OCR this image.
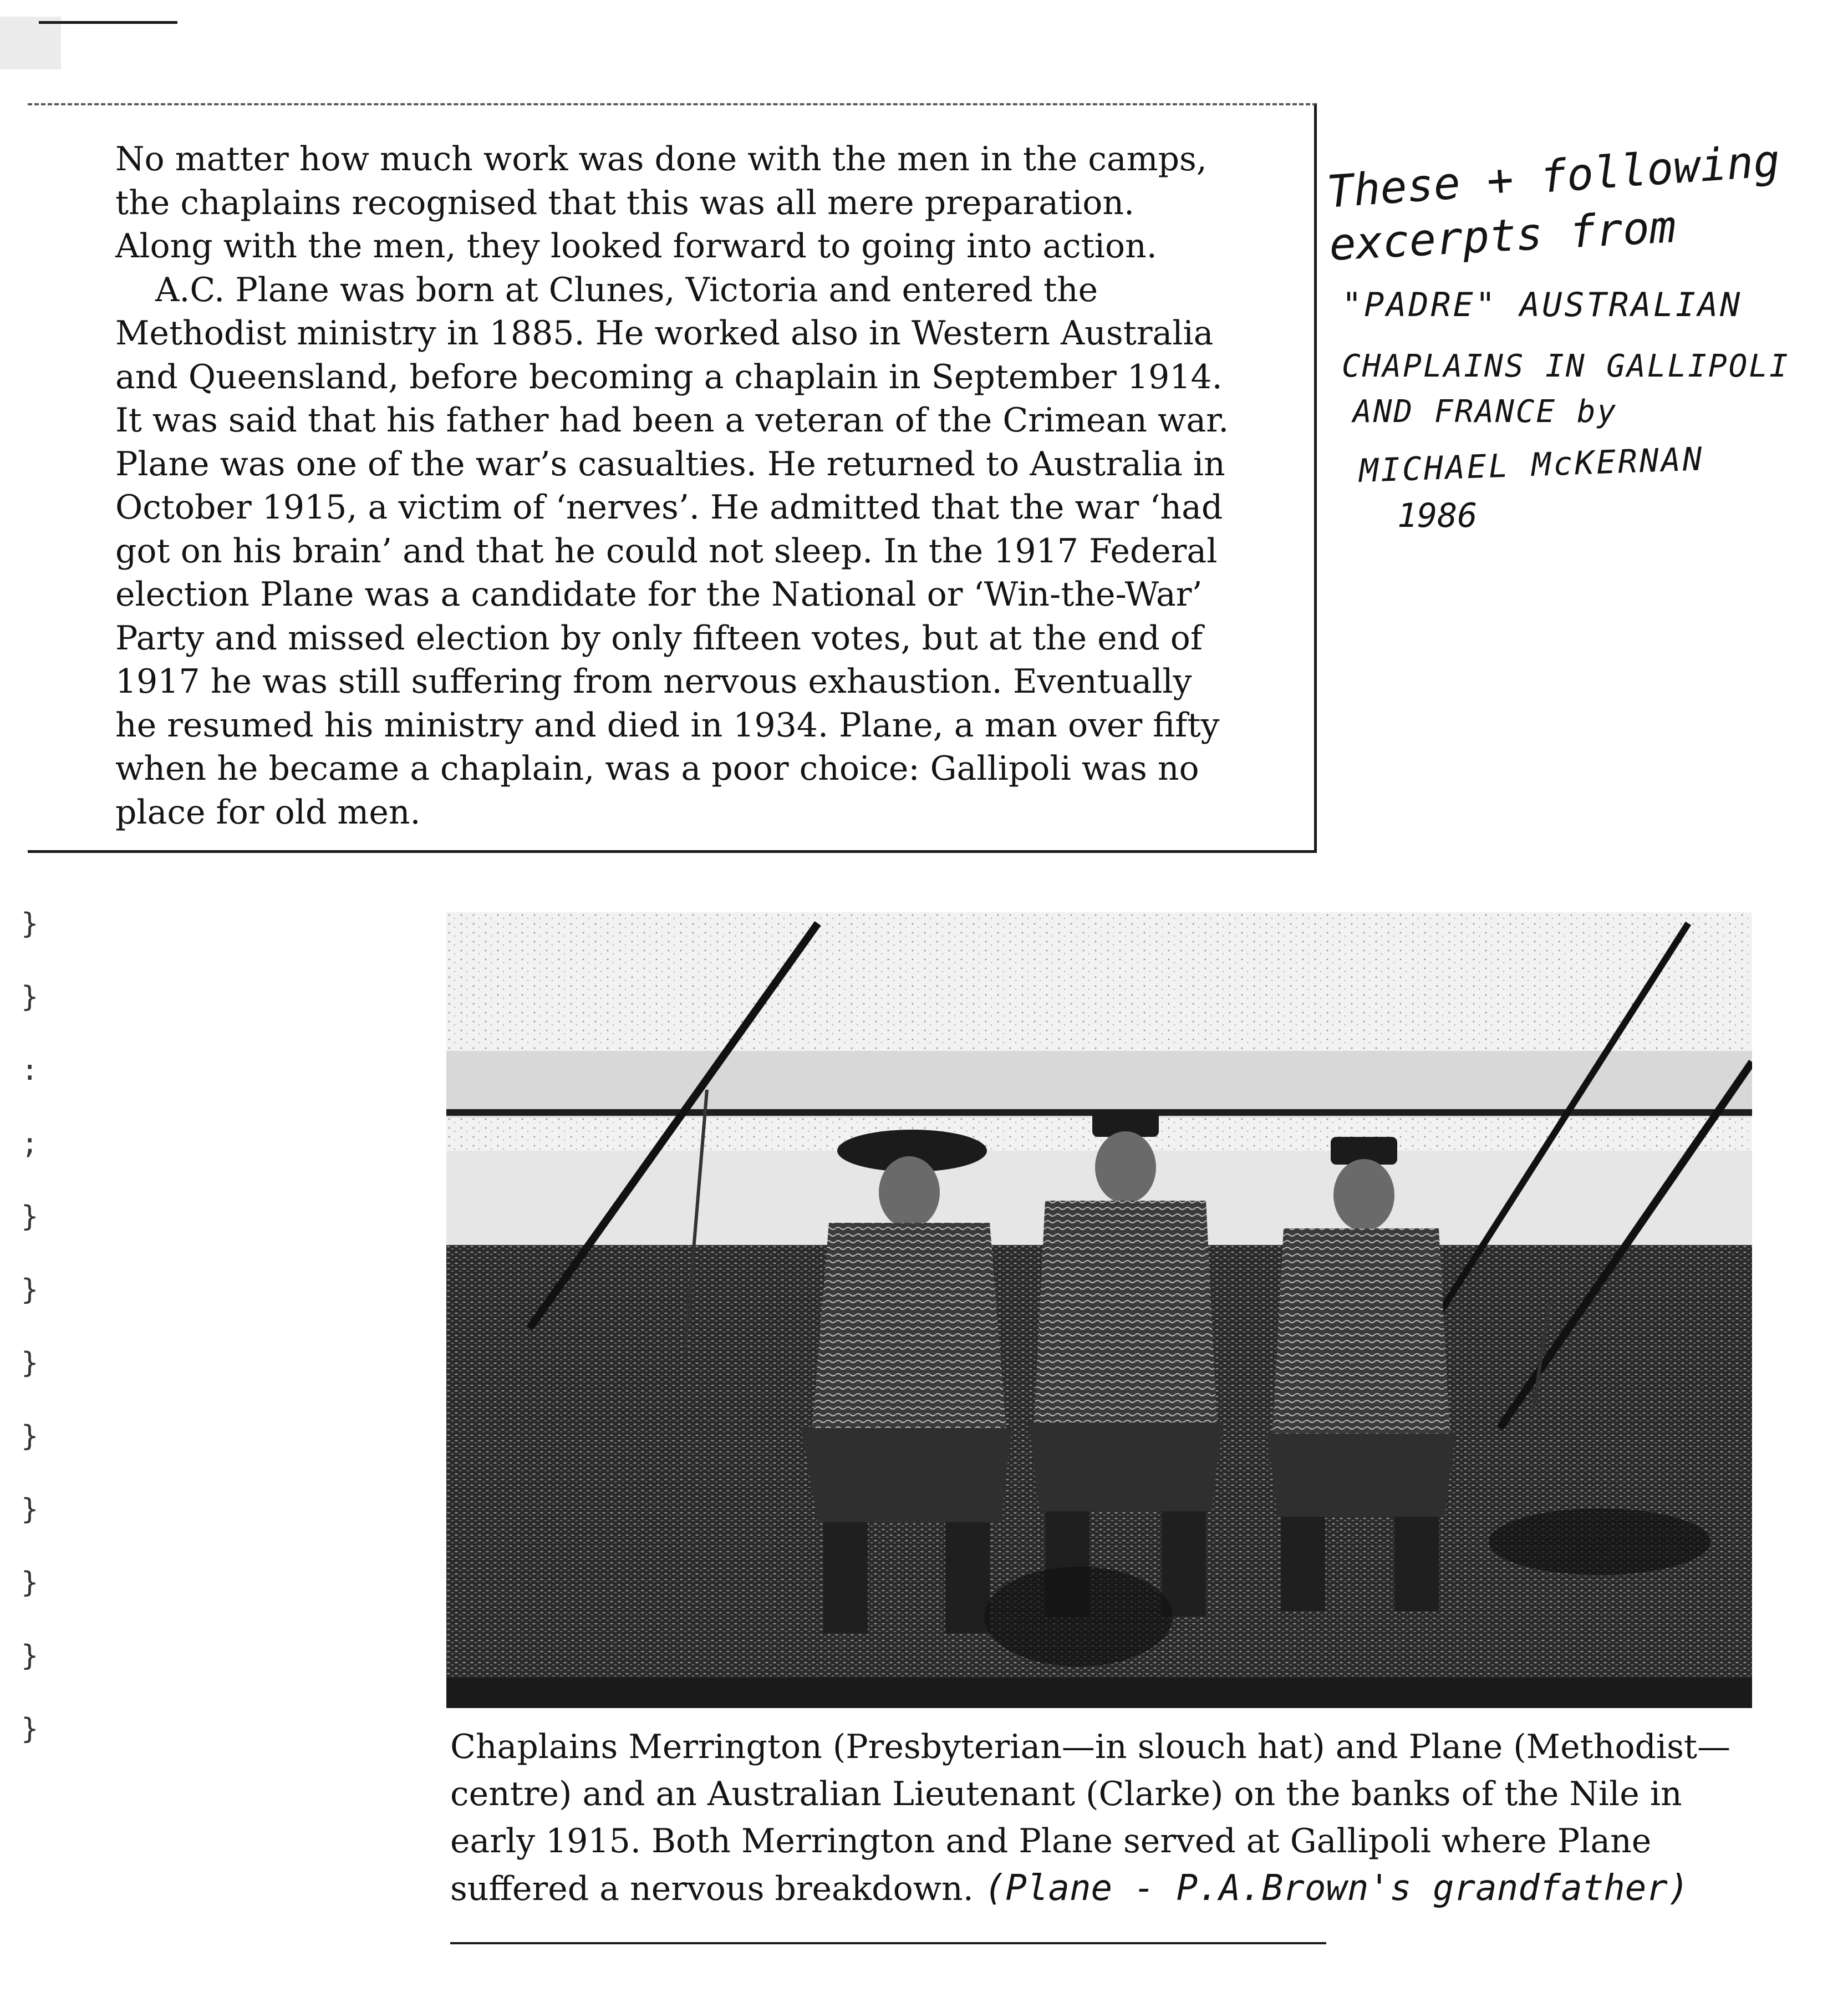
No matter how much work was done with the men in the camps, the chaplains recognised that this was all mere preparation. Along with the men, they looked forward to going into action.

A.C. Plane was born at Clunes, Victoria and entered the Methodist ministry in 1885. He worked also in Western Australia and Queensland, before becoming a chaplain in September 1914. It was said that his father had been a veteran of the Crimean war. Plane was one of the war’s casualties. He returned to Australia in October 1915, a victim of ‘nerves’. He admitted that the war ‘had got on his brain’ and that he could not sleep. In the 1917 Federal election Plane was a candidate for the National or ‘Win-the-War’ Party and missed election by only fifteen votes, but at the end of 1917 he was still suffering from nervous exhaustion. Eventually he resumed his ministry and died in 1934. Plane, a man over fifty when he became a chaplain, was a poor choice: Gallipoli was no place for old men.

These + following
excerpts from
"PADRE" AUSTRALIAN
CHAPLAINS IN GALLIPOLI
AND FRANCE by
MICHAEL McKERNAN
1986
}
}
:
;
}
}
}
}
}
}
}
}	Chaplains Merrington (Presbyterian—in slouch hat) and Plane (Methodist—centre) and an Australian Lieutenant (Clarke) on the banks of the Nile in early 1915. Both Merrington and Plane served at Gallipoli where Plane suffered a nervous breakdown. (Plane - P.A.Brown's grandfather)
